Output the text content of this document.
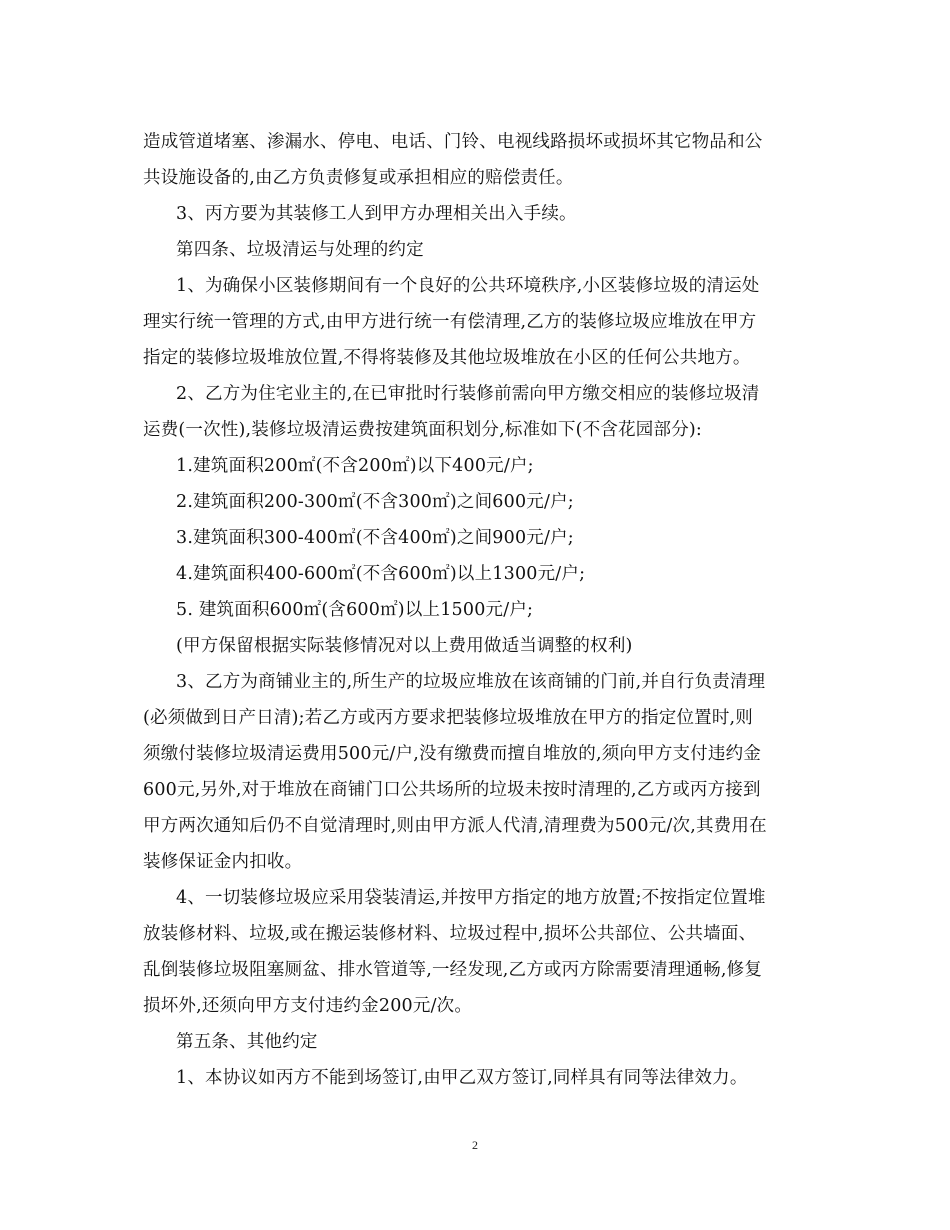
造成管道堵塞、渗漏水、停电、电话、门铃、电视线路损坏或损坏其它物品和公

共设施设备的,由乙方负责修复或承担相应的赔偿责任。

3、丙方要为其装修工人到甲方办理相关出入手续。

第四条、垃圾清运与处理的约定

1、为确保小区装修期间有一个良好的公共环境秩序,小区装修垃圾的清运处

理实行统一管理的方式,由甲方进行统一有偿清理,乙方的装修垃圾应堆放在甲方

指定的装修垃圾堆放位置,不得将装修及其他垃圾堆放在小区的任何公共地方。

2、乙方为住宅业主的,在已审批时行装修前需向甲方缴交相应的装修垃圾清

运费(一次性),装修垃圾清运费按建筑面积划分,标准如下(不含花园部分):

1.建筑面积200㎡(不含200㎡)以下400元/户;

2.建筑面积200-300㎡(不含300㎡)之间600元/户;

3.建筑面积300-400㎡(不含400㎡)之间900元/户;

4.建筑面积400-600㎡(不含600㎡)以上1300元/户;

5. 建筑面积600㎡(含600㎡)以上1500元/户;

(甲方保留根据实际装修情况对以上费用做适当调整的权利)

3、乙方为商铺业主的,所生产的垃圾应堆放在该商铺的门前,并自行负责清理

(必须做到日产日清);若乙方或丙方要求把装修垃圾堆放在甲方的指定位置时,则

须缴付装修垃圾清运费用500元/户,没有缴费而擅自堆放的,须向甲方支付违约金

600元,另外,对于堆放在商铺门口公共场所的垃圾未按时清理的,乙方或丙方接到

甲方两次通知后仍不自觉清理时,则由甲方派人代清,清理费为500元/次,其费用在

装修保证金内扣收。

4、一切装修垃圾应采用袋装清运,并按甲方指定的地方放置;不按指定位置堆

放装修材料、垃圾,或在搬运装修材料、垃圾过程中,损坏公共部位、公共墙面、

乱倒装修垃圾阻塞厕盆、排水管道等,一经发现,乙方或丙方除需要清理通畅,修复

损坏外,还须向甲方支付违约金200元/次。

第五条、其他约定

1、本协议如丙方不能到场签订,由甲乙双方签订,同样具有同等法律效力。

2
